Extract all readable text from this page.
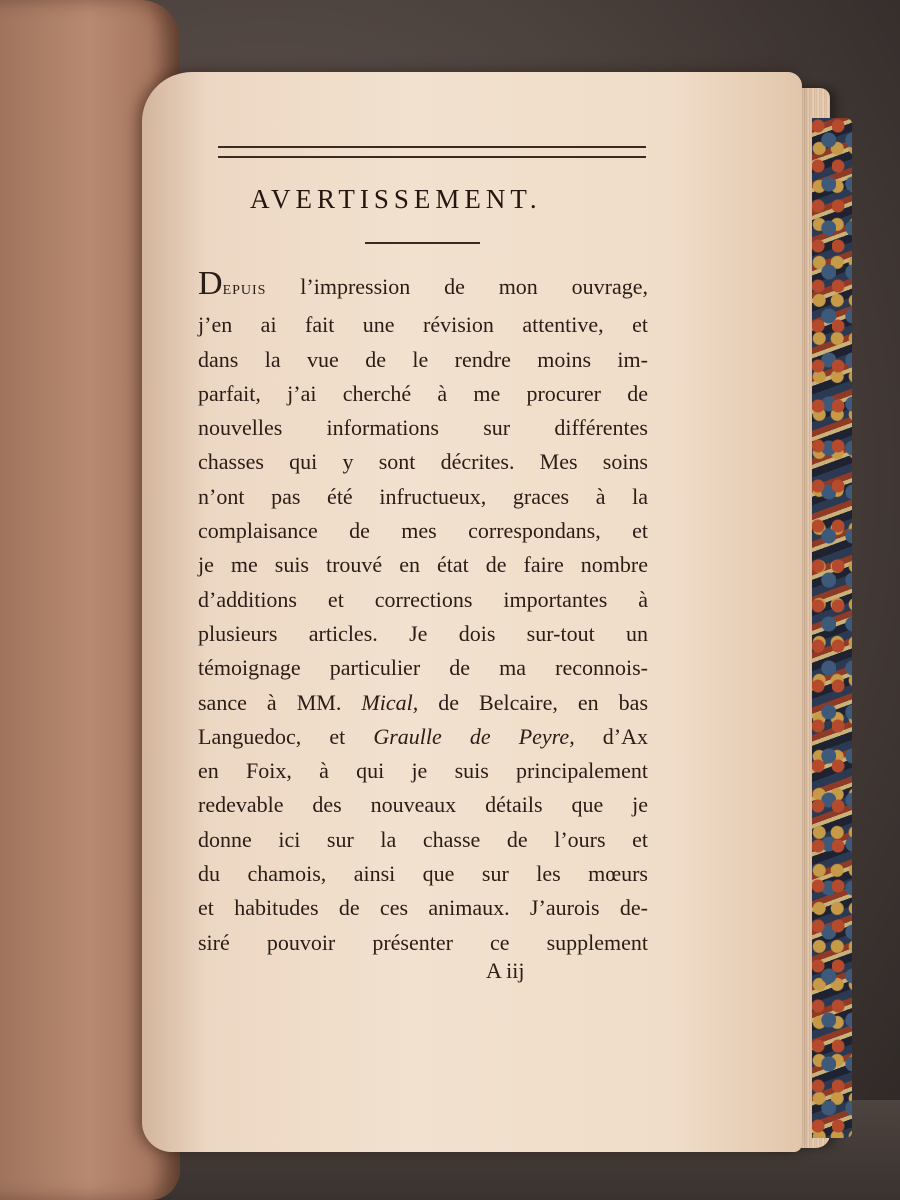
AVERTISSEMENT.
DEPUIS l’impression de mon ouvrage,
j’en ai fait une révision attentive, et
dans la vue de le rendre moins im-
parfait, j’ai cherché à me procurer de
nouvelles informations sur différentes
chasses qui y sont décrites. Mes soins
n’ont pas été infructueux, graces à la
complaisance de mes correspondans, et
je me suis trouvé en état de faire nombre
d’additions et corrections importantes à
plusieurs articles. Je dois sur-tout un
témoignage particulier de ma reconnois-
sance à MM. Mical, de Belcaire, en bas
Languedoc, et Graulle de Peyre, d’Ax
en Foix, à qui je suis principalement
redevable des nouveaux détails que je
donne ici sur la chasse de l’ours et
du chamois, ainsi que sur les mœurs
et habitudes de ces animaux. J’aurois de-
siré pouvoir présenter ce supplement
A iij
